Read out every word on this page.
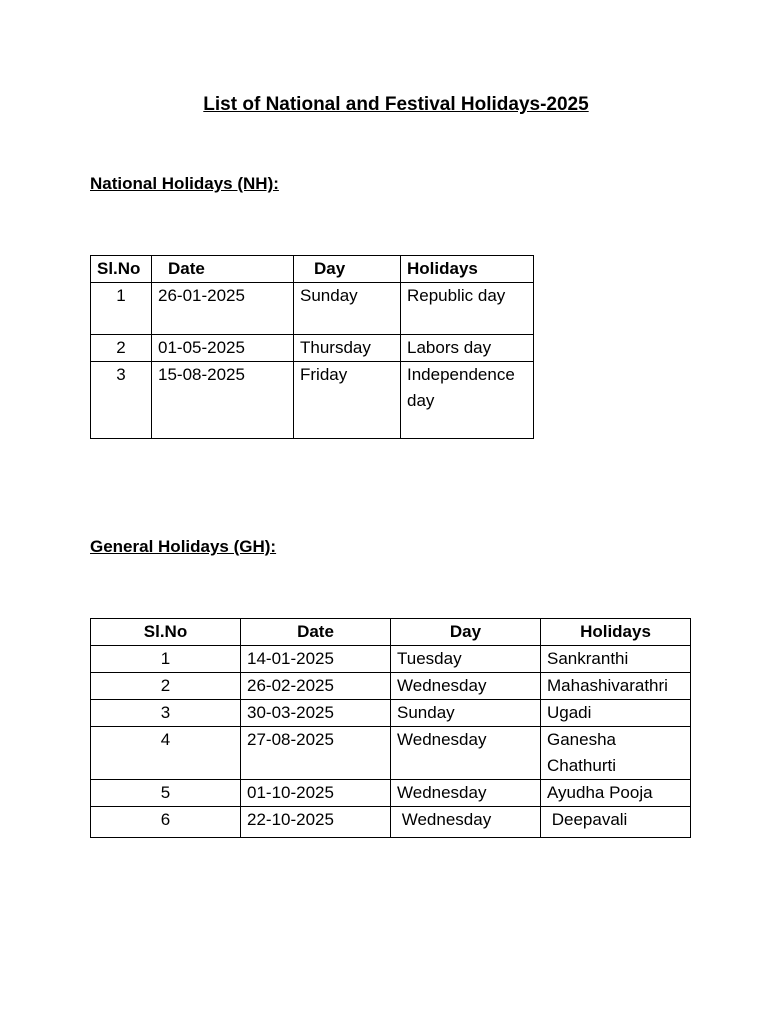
List of National and Festival Holidays-2025
National Holidays (NH):
Sl.No	Date	Day	Holidays
1	26-01-2025	Sunday	Republic day
2	01-05-2025	Thursday	Labors day
3	15-08-2025	Friday	Independence day
General Holidays (GH):
Sl.No	Date	Day	Holidays
1	14-01-2025	Tuesday	Sankranthi
2	26-02-2025	Wednesday	Mahashivarathri
3	30-03-2025	Sunday	Ugadi
4	27-08-2025	Wednesday	Ganesha Chathurti
5	01-10-2025	Wednesday	Ayudha Pooja
6	22-10-2025	Wednesday	Deepavali
